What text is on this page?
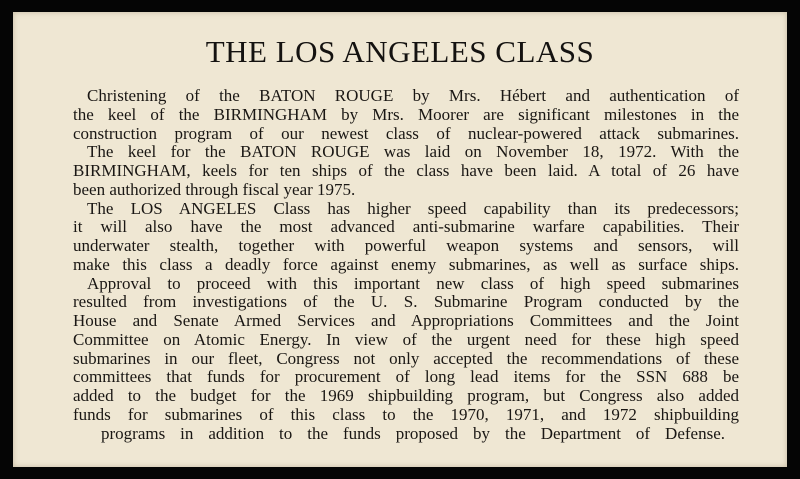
THE LOS ANGELES CLASS
Christening of the BATON ROUGE by Mrs. Hébert and authentication of
the keel of the BIRMINGHAM by Mrs. Moorer are significant milestones in the
construction program of our newest class of nuclear-powered attack submarines.
The keel for the BATON ROUGE was laid on November 18, 1972. With the
BIRMINGHAM, keels for ten ships of the class have been laid. A total of 26 have
been authorized through fiscal year 1975.
The LOS ANGELES Class has higher speed capability than its predecessors;
it will also have the most advanced anti-submarine warfare capabilities. Their
underwater stealth, together with powerful weapon systems and sensors, will
make this class a deadly force against enemy submarines, as well as surface ships.
Approval to proceed with this important new class of high speed submarines
resulted from investigations of the U. S. Submarine Program conducted by the
House and Senate Armed Services and Appropriations Committees and the Joint
Committee on Atomic Energy. In view of the urgent need for these high speed
submarines in our fleet, Congress not only accepted the recommendations of these
committees that funds for procurement of long lead items for the SSN 688 be
added to the budget for the 1969 shipbuilding program, but Congress also added
funds for submarines of this class to the 1970, 1971, and 1972 shipbuilding
programs in addition to the funds proposed by the Department of Defense.
